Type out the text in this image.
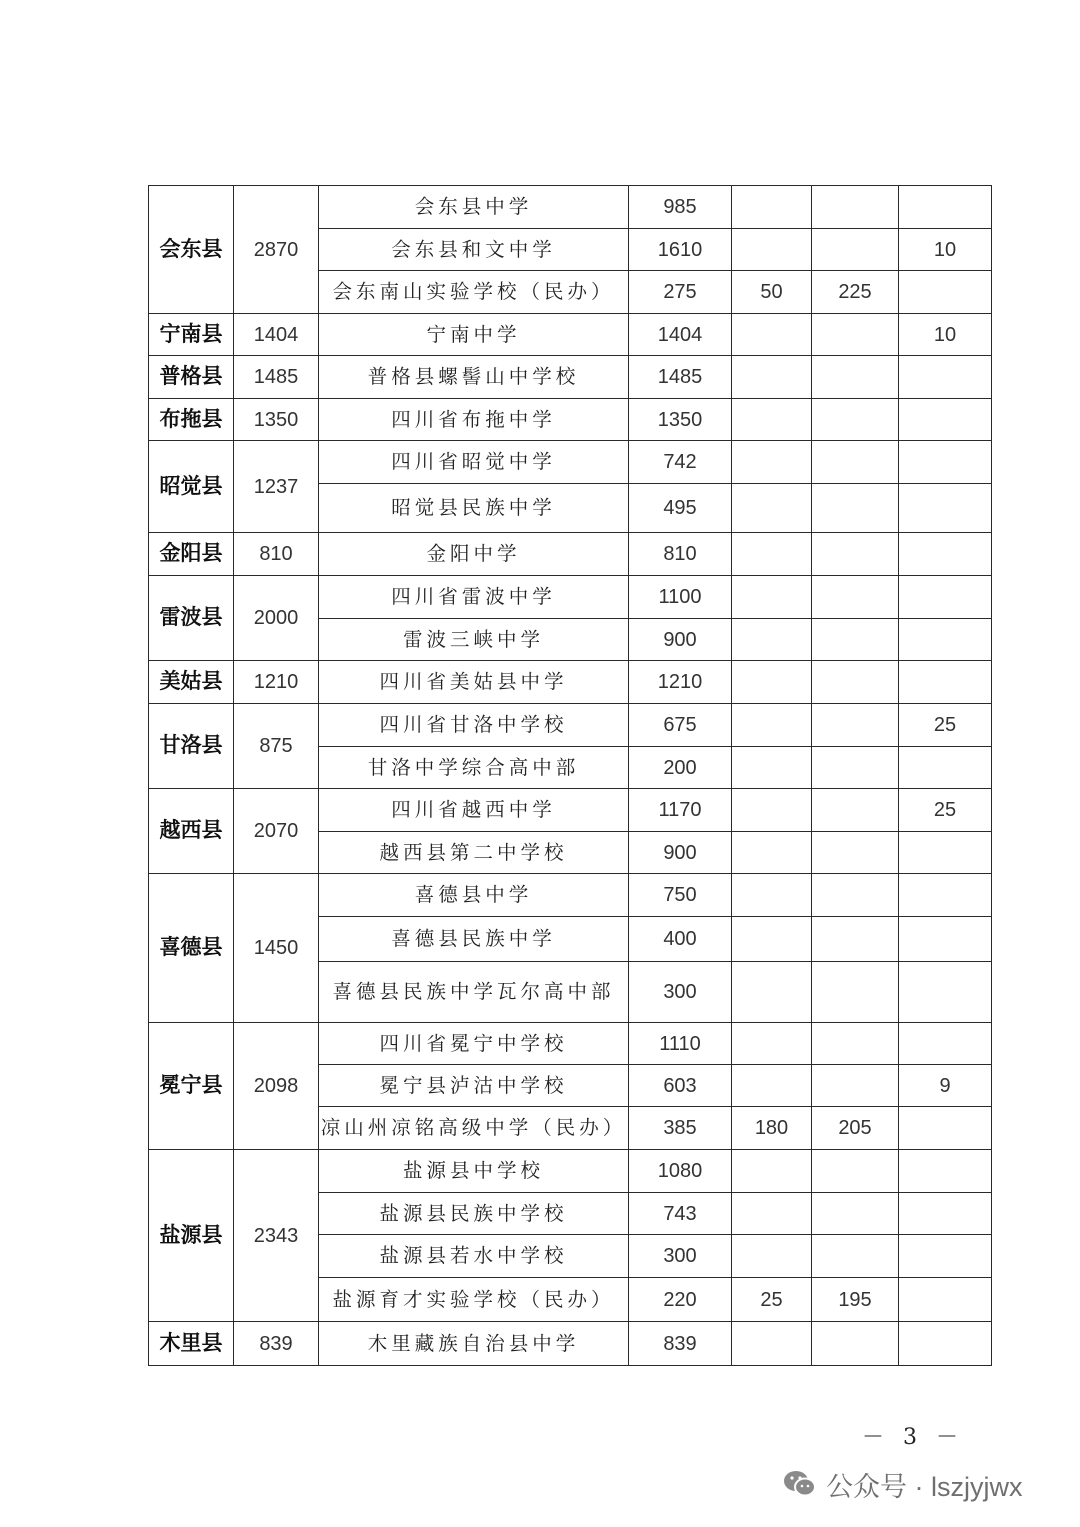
会东县	2870	会东县中学	985			
		会东县和文中学	1610			10
		会东南山实验学校（民办）	275	50	225	
宁南县	1404	宁南中学	1404			10
普格县	1485	普格县螺髻山中学校	1485			
布拖县	1350	四川省布拖中学	1350			
昭觉县	1237	四川省昭觉中学	742			
		昭觉县民族中学	495			
金阳县	810	金阳中学	810			
雷波县	2000	四川省雷波中学	1100			
		雷波三峡中学	900			
美姑县	1210	四川省美姑县中学	1210			
甘洛县	875	四川省甘洛中学校	675			25
		甘洛中学综合高中部	200			
越西县	2070	四川省越西中学	1170			25
		越西县第二中学校	900			
喜德县	1450	喜德县中学	750			
		喜德县民族中学	400			
		喜德县民族中学瓦尔高中部	300			
冕宁县	2098	四川省冕宁中学校	1110			
		冕宁县泸沽中学校	603			9
		凉山州凉铭高级中学（民办）	385	180	205	
盐源县	2343	盐源县中学校	1080			
		盐源县民族中学校	743			
		盐源县若水中学校	300			
		盐源育才实验学校（民办）	220	25	195	
木里县	839	木里藏族自治县中学	839			
－ 3 －
公众号 · lszjyjwx
